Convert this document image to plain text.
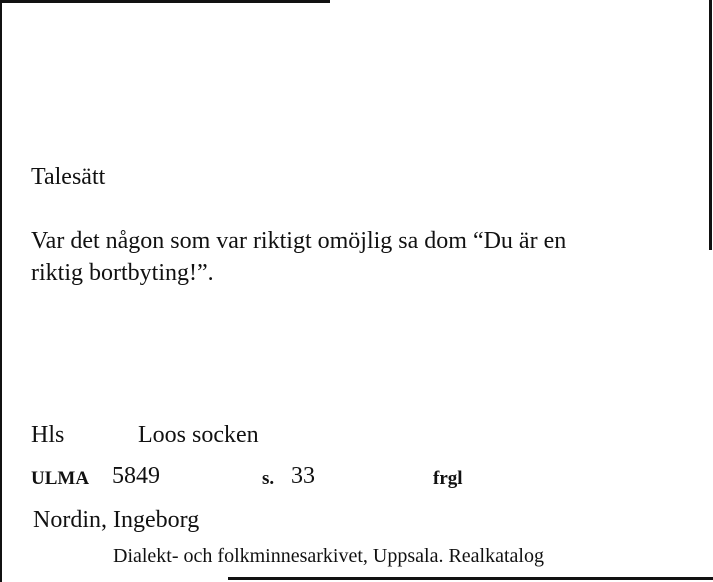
Talesätt
Var det någon som var riktigt omöjlig sa dom “Du är en
riktig bortbyting!”.
Hls	Loos socken
ULMA 5849	s. 33	frgl
Nordin, Ingeborg
Dialekt- och folkminnesarkivet, Uppsala. Realkatalog
